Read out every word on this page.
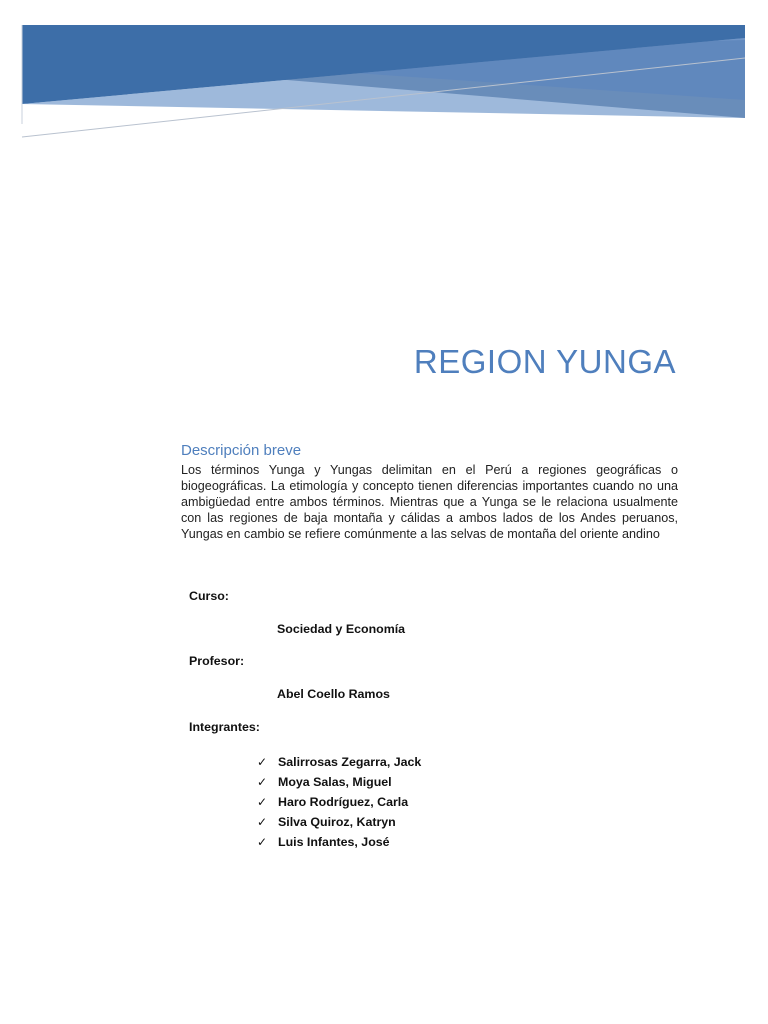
REGION YUNGA
Descripción breve

Los términos Yunga y Yungas delimitan en el Perú a regiones geográficas o biogeográficas. La etimología y concepto tienen diferencias importantes cuando no una ambigüedad entre ambos términos. Mientras que a Yunga se le relaciona usualmente con las regiones de baja montaña y cálidas a ambos lados de los Andes peruanos, Yungas en cambio se refiere comúnmente a las selvas de montaña del oriente andino

Curso:
Sociedad y Economía
Profesor:
Abel Coello Ramos
Integrantes:
✓ Salirrosas Zegarra, Jack
✓ Moya Salas, Miguel
✓ Haro Rodríguez, Carla
✓ Silva Quiroz, Katryn
✓ Luis Infantes, José
